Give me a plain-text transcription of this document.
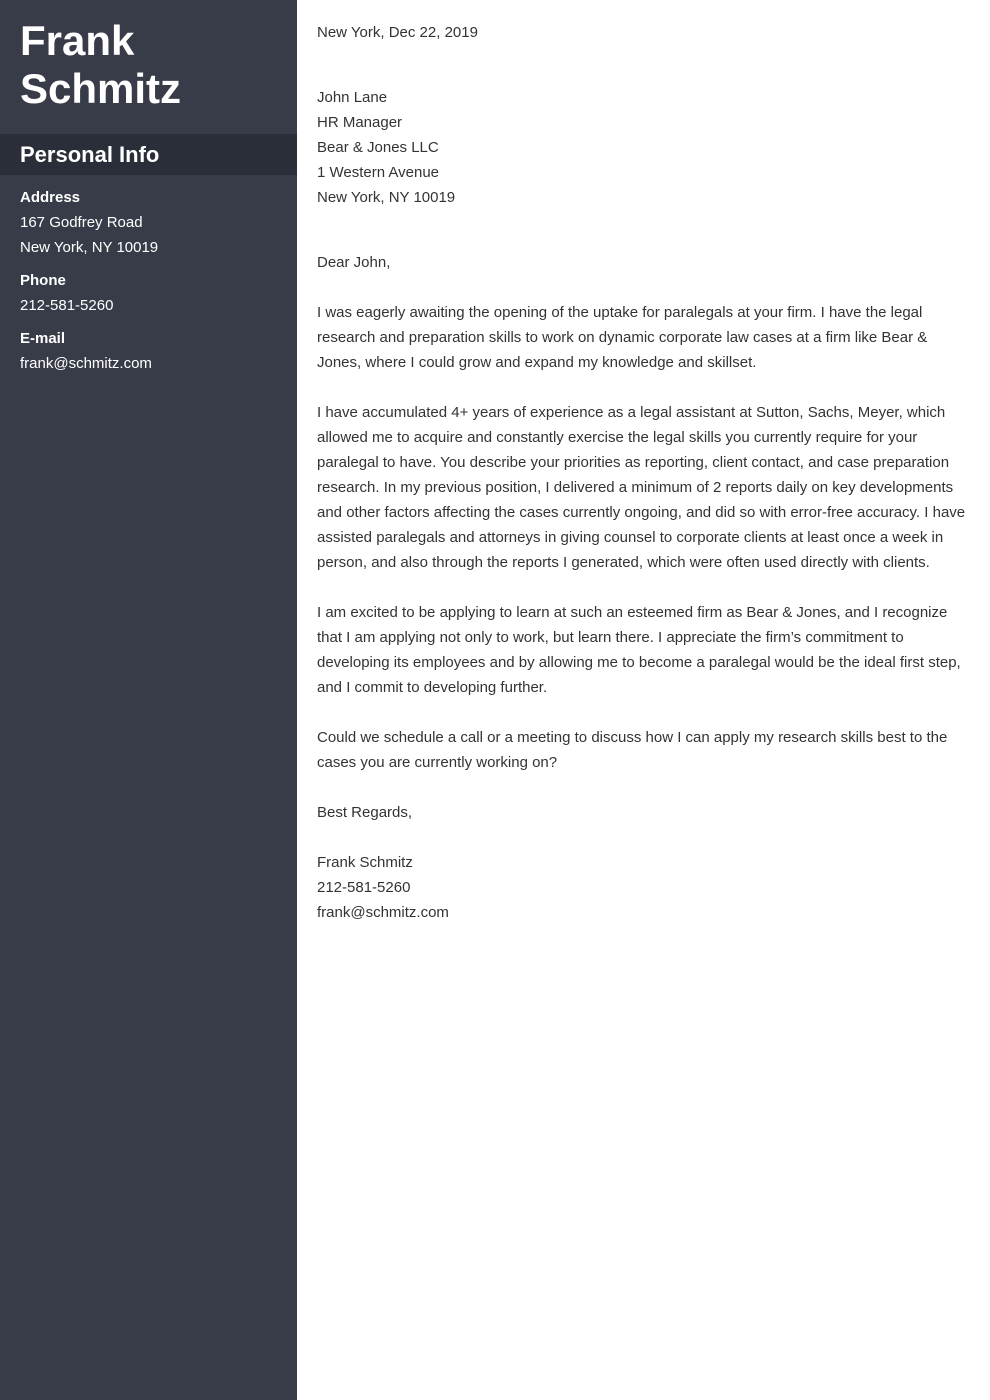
Frank
Schmitz
Personal Info
Address
167 Godfrey Road
New York, NY 10019
Phone
212-581-5260
E-mail
frank@schmitz.com
New York, Dec 22, 2019
John Lane
HR Manager
Bear & Jones LLC
1 Western Avenue
New York, NY 10019

Dear John,

I was eagerly awaiting the opening of the uptake for paralegals at your firm. I have the legal research and preparation skills to work on dynamic corporate law cases at a firm like Bear & Jones, where I could grow and expand my knowledge and skillset.

I have accumulated 4+ years of experience as a legal assistant at Sutton, Sachs, Meyer, which allowed me to acquire and constantly exercise the legal skills you currently require for your paralegal to have. You describe your priorities as reporting, client contact, and case preparation research. In my previous position, I delivered a minimum of 2 reports daily on key developments and other factors affecting the cases currently ongoing, and did so with error-free accuracy. I have assisted paralegals and attorneys in giving counsel to corporate clients at least once a week in person, and also through the reports I generated, which were often used directly with clients.

I am excited to be applying to learn at such an esteemed firm as Bear & Jones, and I recognize that I am applying not only to work, but learn there. I appreciate the firm’s commitment to developing its employees and by allowing me to become a paralegal would be the ideal first step, and I commit to developing further.

Could we schedule a call or a meeting to discuss how I can apply my research skills best to the cases you are currently working on?

Best Regards,
Frank Schmitz
212-581-5260
frank@schmitz.com
